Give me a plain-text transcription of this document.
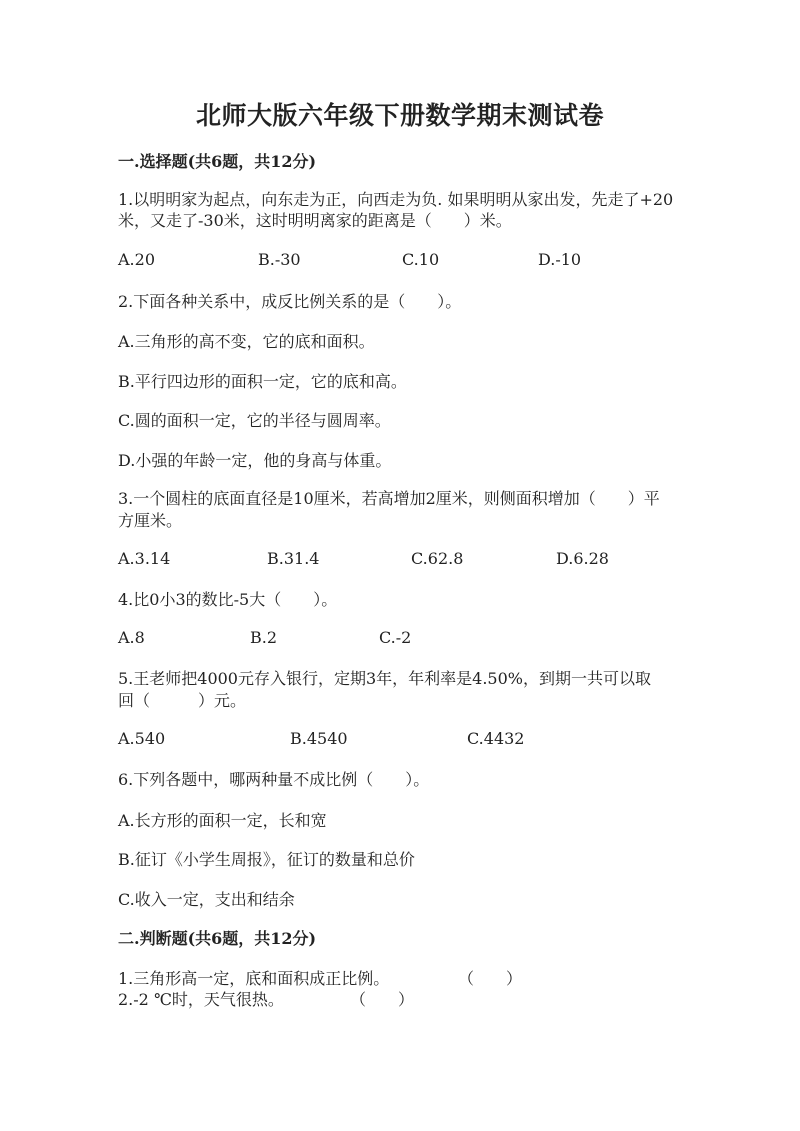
北师大版六年级下册数学期末测试卷
一.选择题(共6题，共12分)
1.以明明家为起点，向东走为正，向西走为负. 如果明明从家出发，先走了+20
米，又走了-30米，这时明明离家的距离是（　　）米。
A.20	B.-30	C.10	D.-10
2.下面各种关系中，成反比例关系的是（　　）。
A.三角形的高不变，它的底和面积。
B.平行四边形的面积一定，它的底和高。
C.圆的面积一定，它的半径与圆周率。
D.小强的年龄一定，他的身高与体重。
3.一个圆柱的底面直径是10厘米，若高增加2厘米，则侧面积增加（　　）平
方厘米。
A.3.14	B.31.4	C.62.8	D.6.28
4.比0小3的数比-5大（　　）。
A.8	B.2	C.-2
5.王老师把4000元存入银行，定期3年，年利率是4.50%，到期一共可以取
回（　　　）元。
A.540	B.4540	C.4432
6.下列各题中，哪两种量不成比例（　　）。
A.长方形的面积一定，长和宽
B.征订《小学生周报》，征订的数量和总价
C.收入一定，支出和结余
二.判断题(共6题，共12分)
1.三角形高一定，底和面积成正比例。	（　　）
2.-2 ℃时，天气很热。	（　　）
